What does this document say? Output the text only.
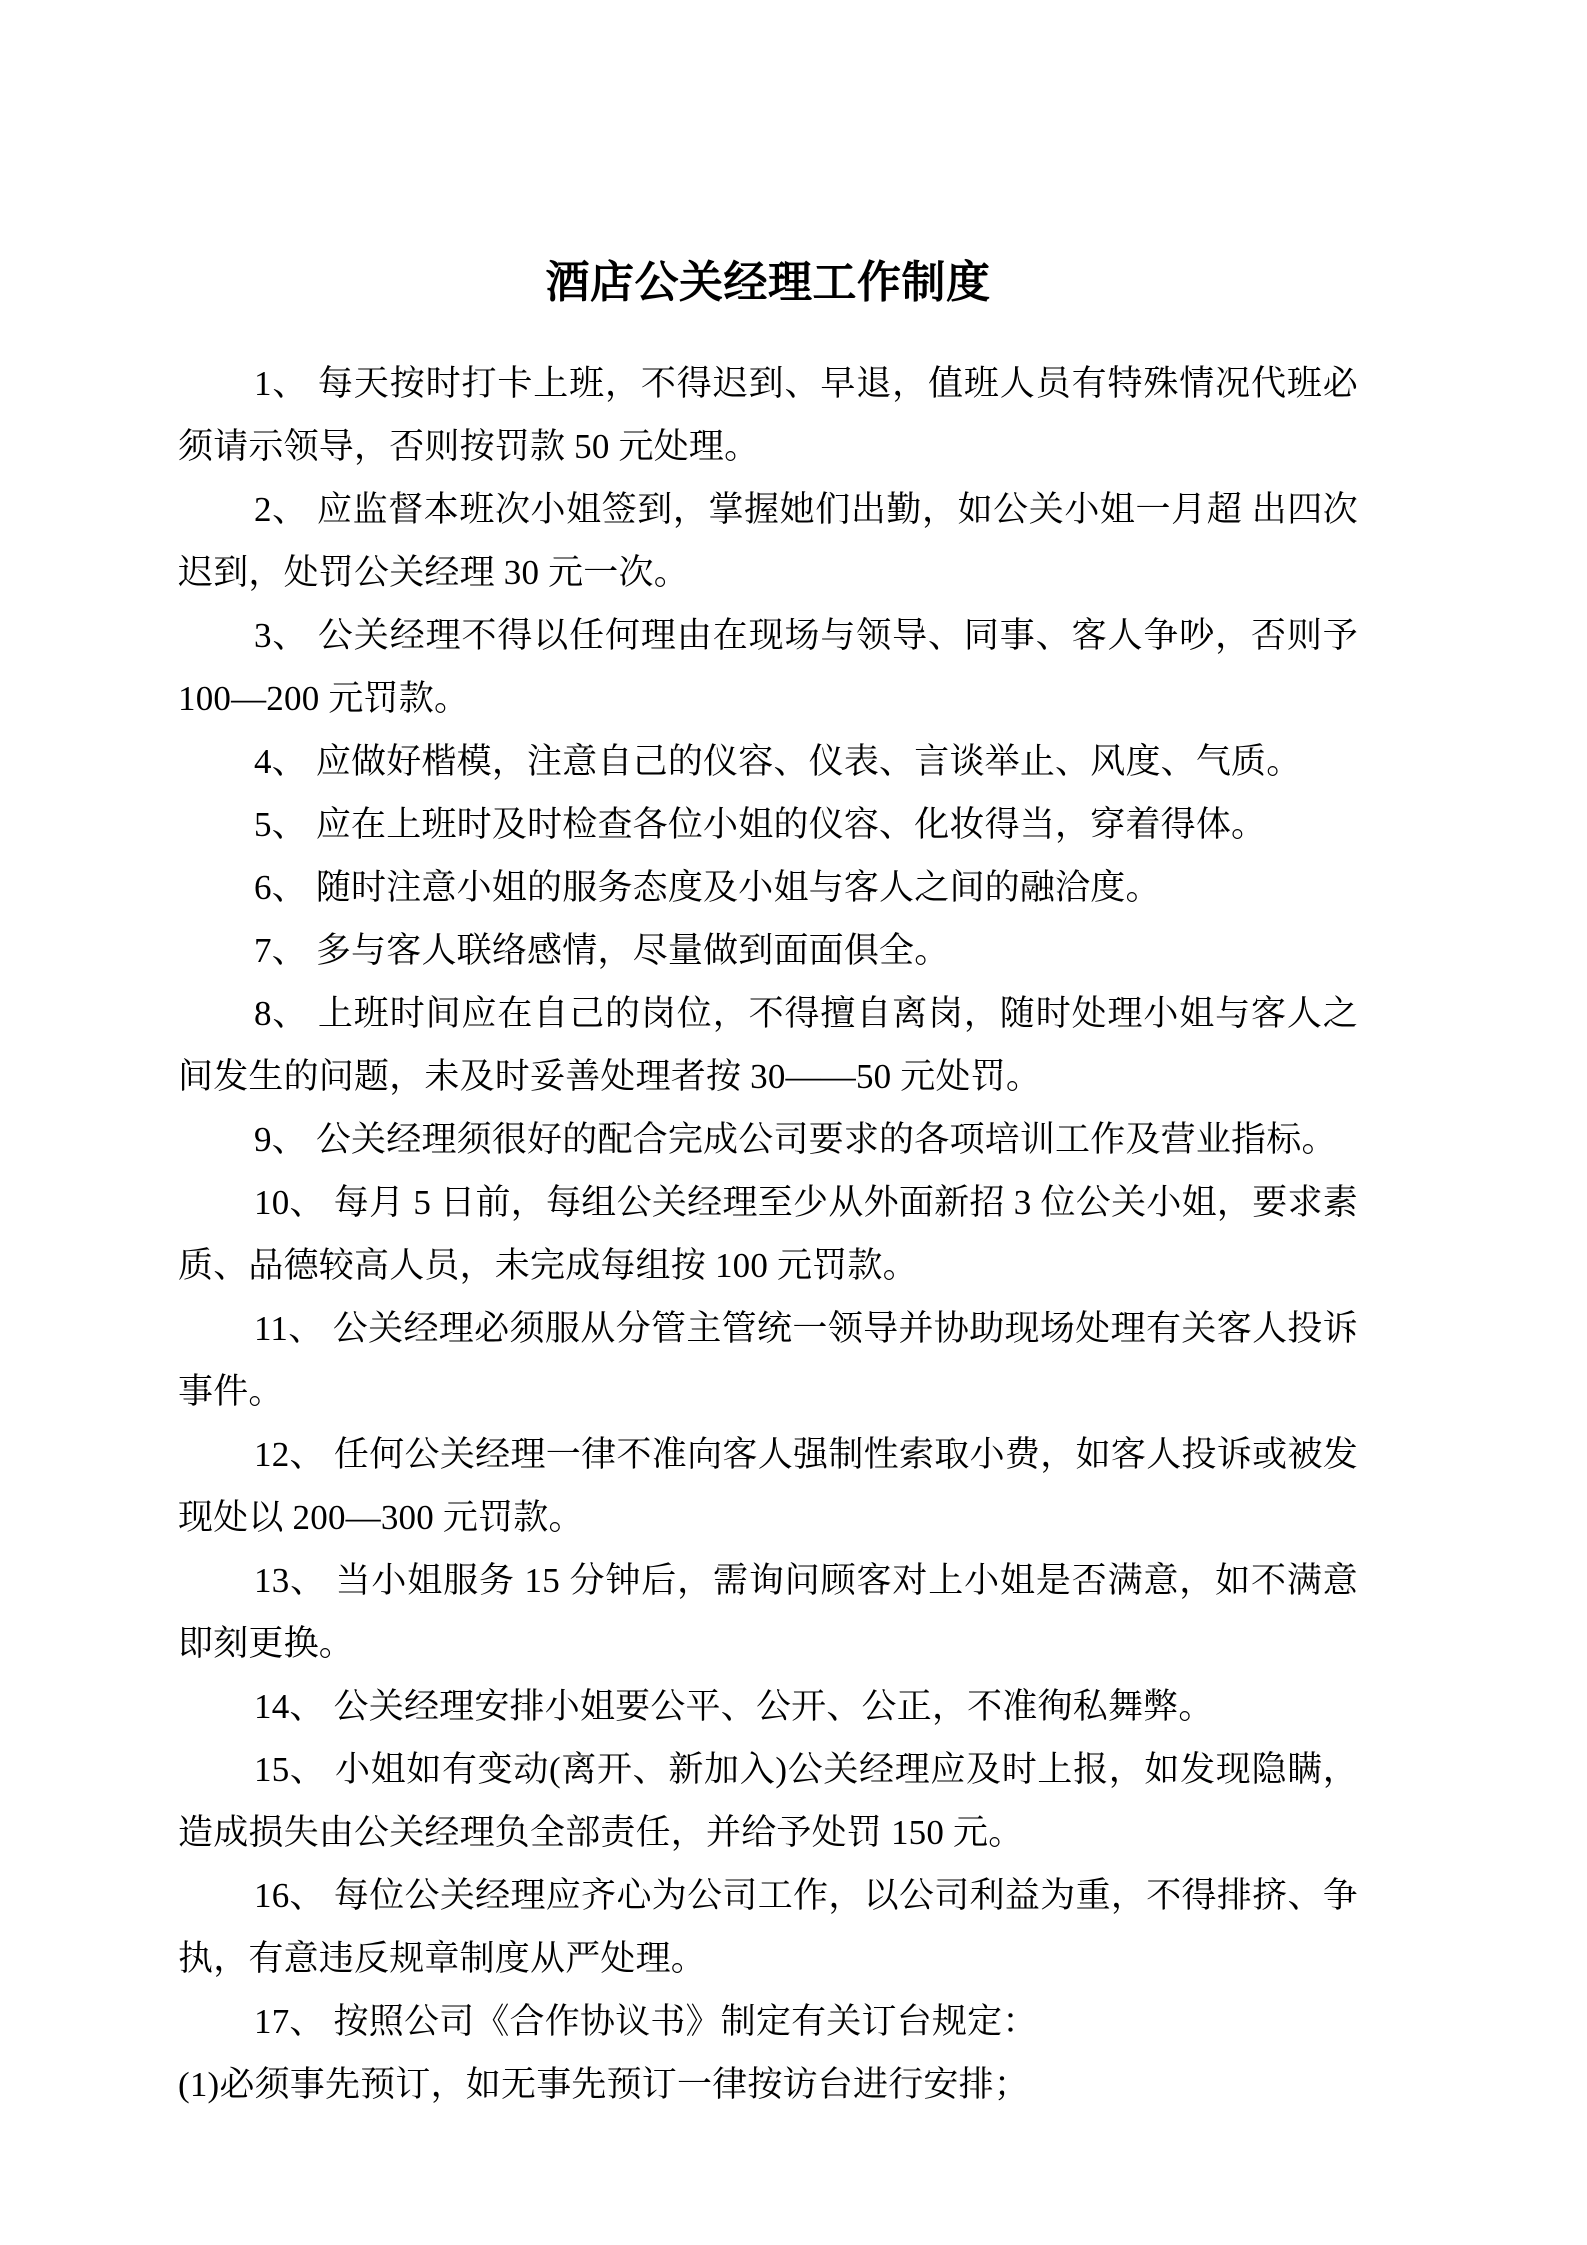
酒店公关经理工作制度

1、 每天按时打卡上班，不得迟到、早退，值班人员有特殊情况代班必须请示领导，否则按罚款 50 元处理。

2、 应监督本班次小姐签到，掌握她们出勤，如公关小姐一月超 出四次迟到，处罚公关经理 30 元一次。

3、 公关经理不得以任何理由在现场与领导、同事、客人争吵，否则予 100—200 元罚款。

4、 应做好楷模，注意自己的仪容、仪表、言谈举止、风度、气质。

5、 应在上班时及时检查各位小姐的仪容、化妆得当，穿着得体。

6、 随时注意小姐的服务态度及小姐与客人之间的融洽度。

7、 多与客人联络感情，尽量做到面面俱全。

8、 上班时间应在自己的岗位，不得擅自离岗，随时处理小姐与客人之间发生的问题，未及时妥善处理者按 30——50 元处罚。

9、 公关经理须很好的配合完成公司要求的各项培训工作及营业指标。

10、 每月 5 日前，每组公关经理至少从外面新招 3 位公关小姐，要求素质、品德较高人员，未完成每组按 100 元罚款。

11、 公关经理必须服从分管主管统一领导并协助现场处理有关客人投诉事件。

12、 任何公关经理一律不准向客人强制性索取小费，如客人投诉或被发现处以 200—300 元罚款。

13、 当小姐服务 15 分钟后，需询问顾客对上小姐是否满意，如不满意即刻更换。

14、 公关经理安排小姐要公平、公开、公正，不准徇私舞弊。

15、 小姐如有变动(离开、新加入)公关经理应及时上报，如发现隐瞒，造成损失由公关经理负全部责任，并给予处罚 150 元。

16、 每位公关经理应齐心为公司工作，以公司利益为重，不得排挤、争执，有意违反规章制度从严处理。

17、 按照公司《合作协议书》制定有关订台规定：

(1)必须事先预订，如无事先预订一律按访台进行安排；
